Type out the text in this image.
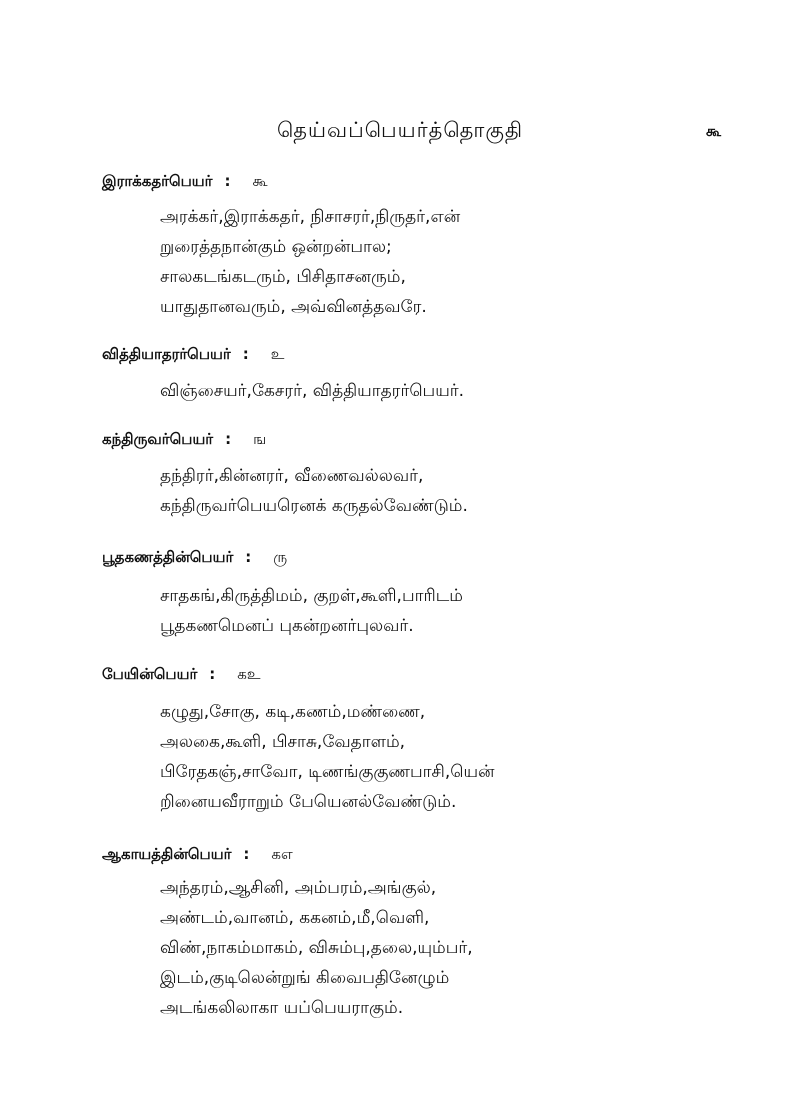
தெய்வப்பெயர்த்தொகுதி	கூ
இராக்கதர்பெயர் : கூ
அரக்கர்,இராக்கதர், நிசாசரர்,நிருதர்,என்
றுரைத்தநான்கும் ஒன்றன்பால;
சாலகடங்கடரும், பிசிதாசனரும்,
யாதுதானவரும், அவ்வினத்தவரே.
வித்தியாதரர்பெயர் : உ
விஞ்சையர்,கேசரர், வித்தியாதரர்பெயர்.
கந்திருவர்பெயர் : ங
தந்திரர்,கின்னரர், வீணைவல்லவர்,
கந்திருவர்பெயரெனக் கருதல்வேண்டும்.
பூதகணத்தின்பெயர் : ரு
சாதகங்,கிருத்திமம், குறள்,கூளி,பாரிடம்
பூதகணமெனப் புகன்றனர்புலவர்.
பேயின்பெயர் : கஉ
கழுது,சோகு, கடி,கணம்,மண்ணை,
அலகை,கூளி, பிசாசு,வேதாளம்,
பிரேதகஞ்,சாவோ, டிணங்குகுணபாசி,யென்
றினையவீராறும் பேயெனல்வேண்டும்.
ஆகாயத்தின்பெயர் : கஎ
அந்தரம்,ஆசினி, அம்பரம்,அங்குல்,
அண்டம்,வானம், ககனம்,மீ,வெளி,
விண்,நாகம்மாகம், விசும்பு,தலை,யும்பர்,
இடம்,குடிலென்றுங் கிவைபதினேழும்
அடங்கலிலாகா யப்பெயராகும்.
